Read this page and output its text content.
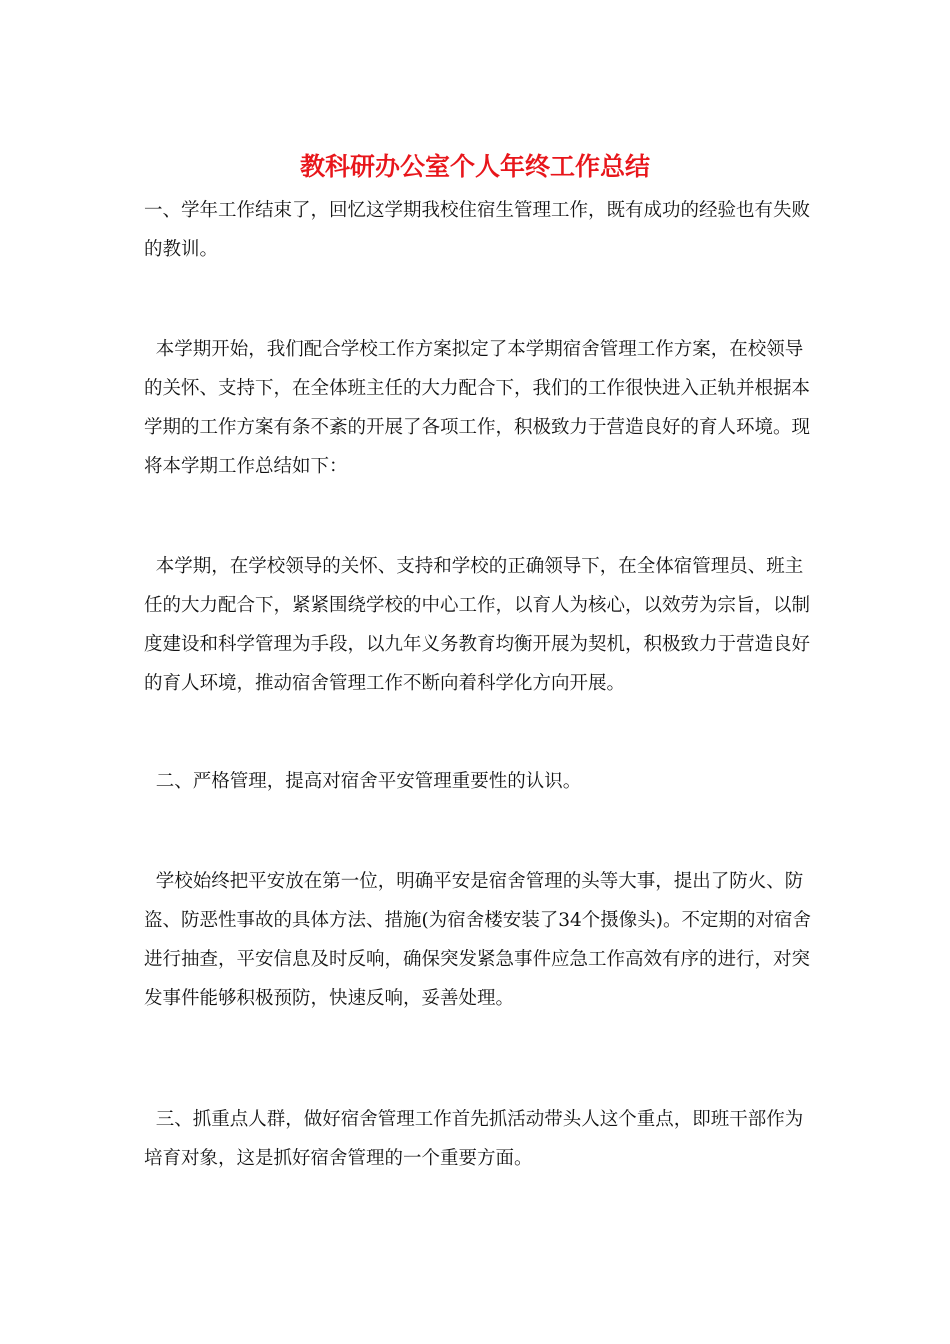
教科研办公室个人年终工作总结

一、学年工作结束了，回忆这学期我校住宿生管理工作，既有成功的经验也有失败的教训。

本学期开始，我们配合学校工作方案拟定了本学期宿舍管理工作方案，在校领导的关怀、支持下，在全体班主任的大力配合下，我们的工作很快进入正轨并根据本学期的工作方案有条不紊的开展了各项工作，积极致力于营造良好的育人环境。现将本学期工作总结如下：

本学期，在学校领导的关怀、支持和学校的正确领导下，在全体宿管理员、班主任的大力配合下，紧紧围绕学校的中心工作，以育人为核心，以效劳为宗旨，以制度建设和科学管理为手段，以九年义务教育均衡开展为契机，积极致力于营造良好的育人环境，推动宿舍管理工作不断向着科学化方向开展。

二、严格管理，提高对宿舍平安管理重要性的认识。

学校始终把平安放在第一位，明确平安是宿舍管理的头等大事，提出了防火、防盗、防恶性事故的具体方法、措施(为宿舍楼安装了34个摄像头)。不定期的对宿舍进行抽查，平安信息及时反响，确保突发紧急事件应急工作高效有序的进行，对突发事件能够积极预防，快速反响，妥善处理。

三、抓重点人群，做好宿舍管理工作首先抓活动带头人这个重点，即班干部作为培育对象，这是抓好宿舍管理的一个重要方面。
